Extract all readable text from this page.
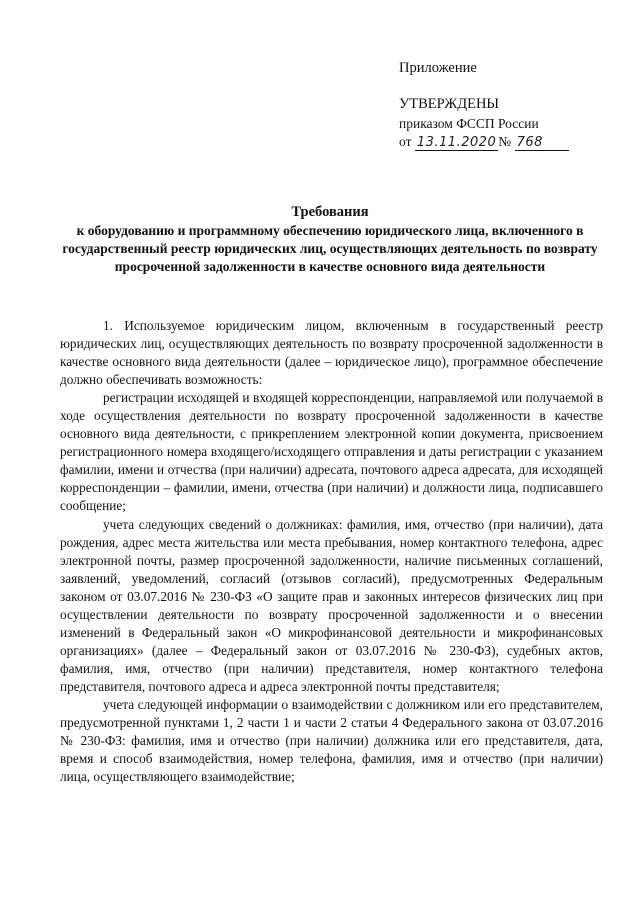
Приложение
УТВЕРЖДЕНЫ
приказом ФССП России
от 13.11.2020 № 768
Требования
к оборудованию и программному обеспечению юридического лица, включенного в государственный реестр юридических лиц, осуществляющих деятельность по возврату просроченной задолженности в качестве основного вида деятельности

1. Используемое юридическим лицом, включенным в государственный реестр юридических лиц, осуществляющих деятельность по возврату просроченной задолженности в качестве основного вида деятельности (далее – юридическое лицо), программное обеспечение должно обеспечивать возможность:

регистрации исходящей и входящей корреспонденции, направляемой или получаемой в ходе осуществления деятельности по возврату просроченной задолженности в качестве основного вида деятельности, с прикреплением электронной копии документа, присвоением регистрационного номера входящего/исходящего отправления и даты регистрации с указанием фамилии, имени и отчества (при наличии) адресата, почтового адреса адресата, для исходящей корреспонденции – фамилии, имени, отчества (при наличии) и должности лица, подписавшего сообщение;

учета следующих сведений о должниках: фамилия, имя, отчество (при наличии), дата рождения, адрес места жительства или места пребывания, номер контактного телефона, адрес электронной почты, размер просроченной задолженности, наличие письменных соглашений, заявлений, уведомлений, согласий (отзывов согласий), предусмотренных Федеральным законом от 03.07.2016 № 230-ФЗ «О защите прав и законных интересов физических лиц при осуществлении деятельности по возврату просроченной задолженности и о внесении изменений в Федеральный закон «О микрофинансовой деятельности и микрофинансовых организациях» (далее – Федеральный закон от 03.07.2016 № 230-ФЗ), судебных актов, фамилия, имя, отчество (при наличии) представителя, номер контактного телефона представителя, почтового адреса и адреса электронной почты представителя;

учета следующей информации о взаимодействии с должником или его представителем, предусмотренной пунктами 1, 2 части 1 и части 2 статьи 4 Федерального закона от 03.07.2016 № 230-ФЗ: фамилия, имя и отчество (при наличии) должника или его представителя, дата, время и способ взаимодействия, номер телефона, фамилия, имя и отчество (при наличии) лица, осуществляющего взаимодействие;
